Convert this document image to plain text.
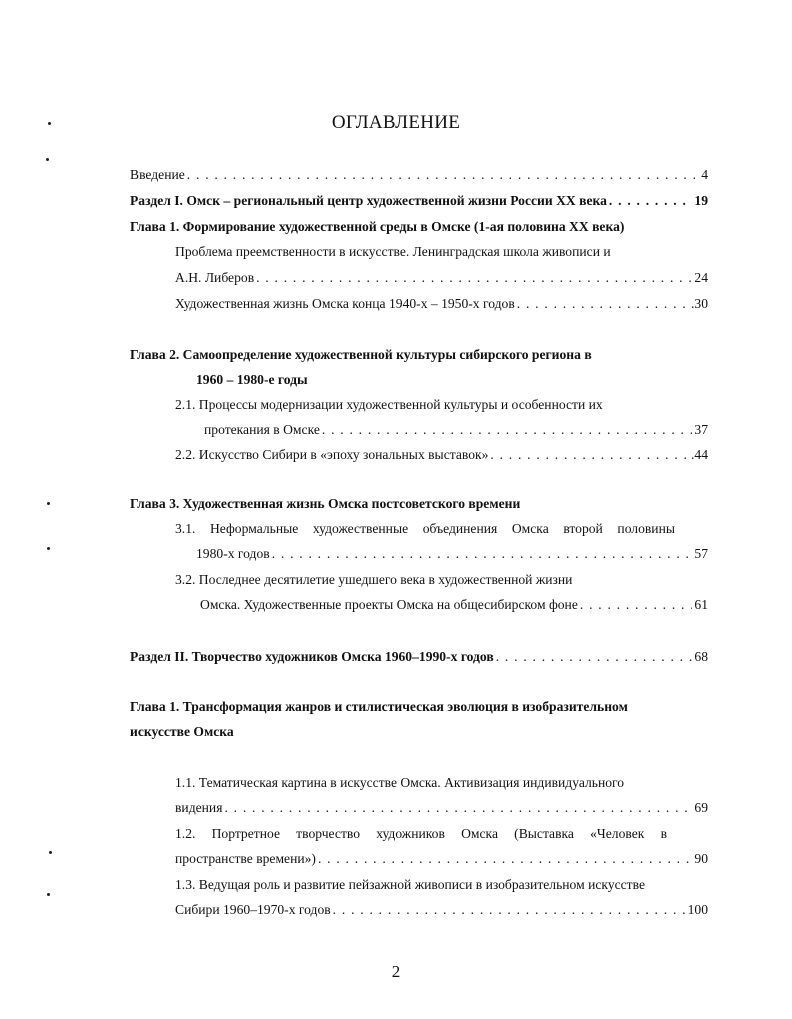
ОГЛАВЛЕНИЕ
Введение . . .	4
Раздел I. Омск – региональный центр художественной жизни России XX века . . .	19
Глава 1. Формирование художественной среды в Омске (1-ая половина XX века)
Проблема преемственности в искусстве. Ленинградская школа живописи и
А.Н. Либеров . . .	24
Художественная жизнь Омска конца 1940-х – 1950-х годов . . .	.30
Глава 2. Самоопределение художественной культуры сибирского региона в
1960 – 1980-е годы
2.1. Процессы модернизации художественной культуры и особенности их
протекания в Омске . . .	37
2.2. Искусство Сибири в «эпоху зональных выставок» . . .	.44
Глава 3. Художественная жизнь Омска постсоветского времени
3.1. Неформальные художественные объединения Омска второй половины
1980-х годов . . .	57
3.2. Последнее десятилетие ушедшего века в художественной жизни
Омска. Художественные проекты Омска на общесибирском фоне . . .	61
Раздел II. Творчество художников Омска 1960–1990-х годов . . .	68
Глава 1. Трансформация жанров и стилистическая эволюция в изобразительном
искусстве Омска
1.1. Тематическая картина в искусстве Омска. Активизация индивидуального
видения . . .	69
1.2. Портретное творчество художников Омска (Выставка «Человек в
пространстве времени») . . .	90
1.3. Ведущая роль и развитие пейзажной живописи в изобразительном искусстве
Сибири 1960–1970-х годов . . .	100
2
